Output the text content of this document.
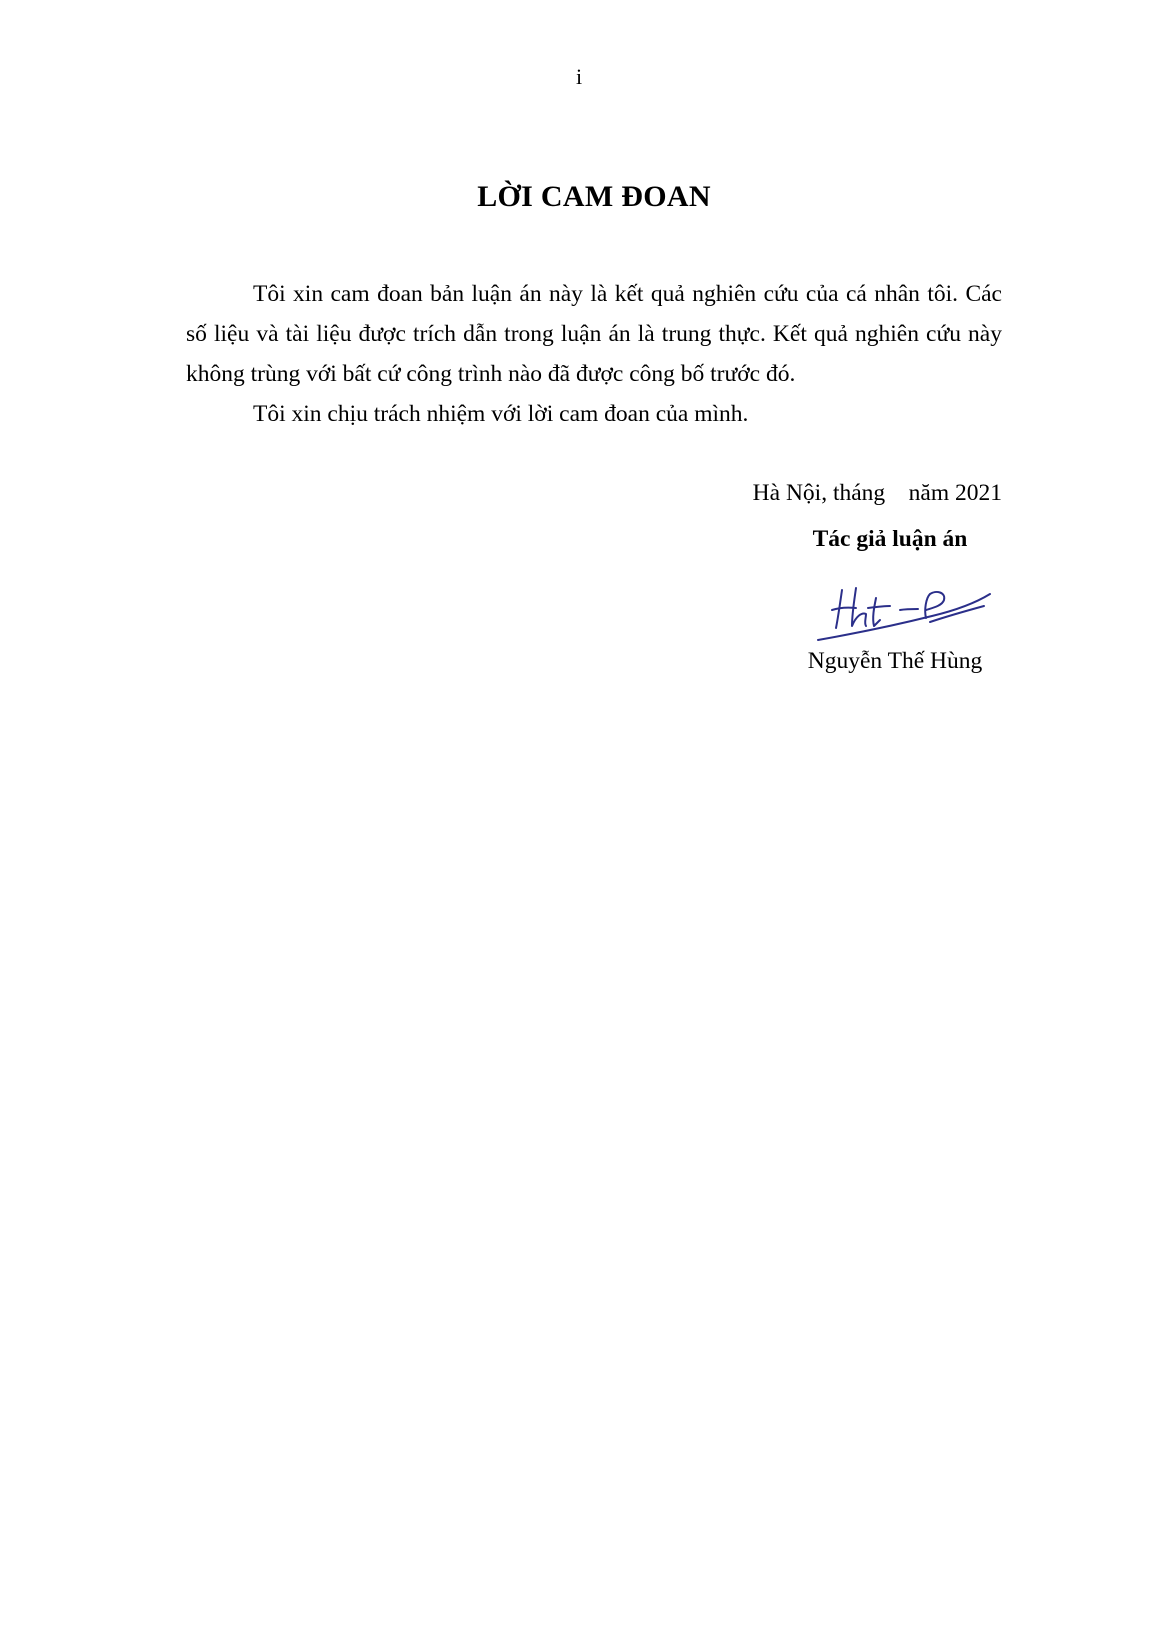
i
LỜI CAM ĐOAN

Tôi xin cam đoan bản luận án này là kết quả nghiên cứu của cá nhân tôi. Các số liệu và tài liệu được trích dẫn trong luận án là trung thực. Kết quả nghiên cứu này không trùng với bất cứ công trình nào đã được công bố trước đó.

Tôi xin chịu trách nhiệm với lời cam đoan của mình.

Hà Nội, tháng    năm 2021
Tác giả luận án
Nguyễn Thế Hùng
